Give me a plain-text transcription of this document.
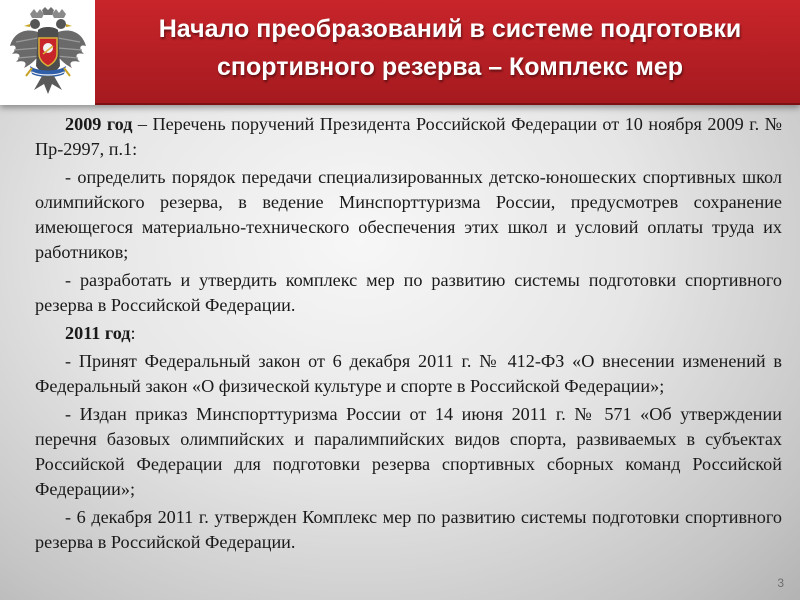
Начало преобразований в системе подготовки
спортивного резерва – Комплекс мер

2009 год – Перечень поручений Президента Российской Федерации от 10 ноября 2009 г. № Пр-2997, п.1:

- определить порядок передачи специализированных детско-юношеских спортивных школ олимпийского резерва, в ведение Минспорттуризма России, предусмотрев сохранение имеющегося материально-технического обеспечения этих школ и условий оплаты труда их работников;

- разработать и утвердить комплекс мер по развитию системы подготовки спортивного резерва в Российской Федерации.

2011 год:

- Принят Федеральный закон от 6 декабря 2011 г. № 412-ФЗ «О внесении изменений в Федеральный закон «О физической культуре и спорте в Российской Федерации»;

- Издан приказ Минспорттуризма России от 14 июня 2011 г. № 571 «Об утверждении перечня базовых олимпийских и паралимпийских видов спорта, развиваемых в субъектах Российской Федерации для подготовки резерва спортивных сборных команд Российской Федерации»;

- 6 декабря 2011 г. утвержден Комплекс мер по развитию системы подготовки спортивного резерва в Российской Федерации.

3
